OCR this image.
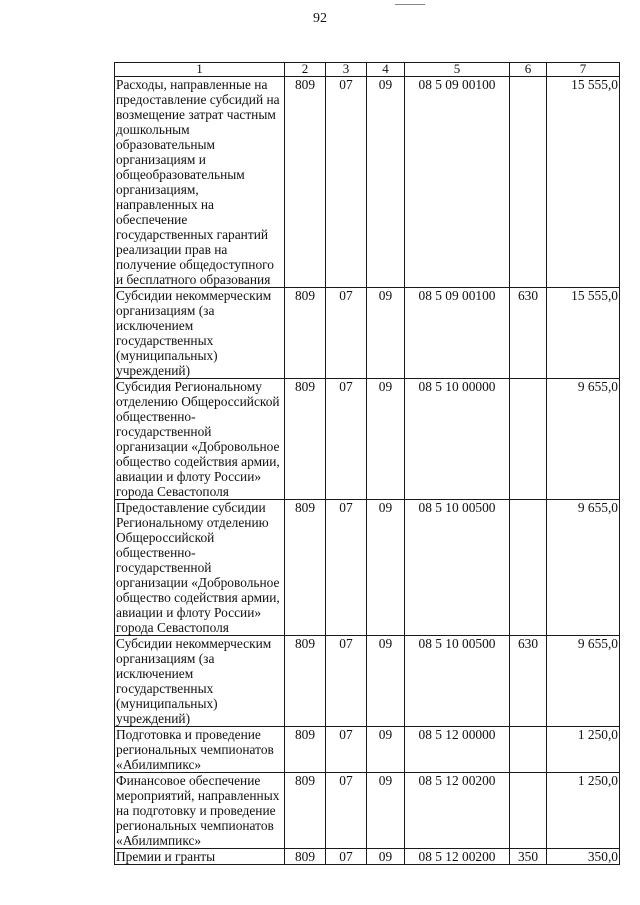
92
1	2	3	4	5	6	7
Расходы, направленные на предоставление субсидий на возмещение затрат частным дошкольным образовательным организациям и общеобразовательным организациям, направленных на обеспечение государственных гарантий реализации прав на получение общедоступного и бесплатного образования	809	07	09	08 5 09 00100		15 555,0
Субсидии некоммерческим организациям (за исключением государственных (муниципальных) учреждений)	809	07	09	08 5 09 00100	630	15 555,0
Субсидия Региональному отделению Общероссийской общественно-государственной организации «Добровольное общество содействия армии, авиации и флоту России» города Севастополя	809	07	09	08 5 10 00000		9 655,0
Предоставление субсидии Региональному отделению Общероссийской общественно-государственной организации «Добровольное общество содействия армии, авиации и флоту России» города Севастополя	809	07	09	08 5 10 00500		9 655,0
Субсидии некоммерческим организациям (за исключением государственных (муниципальных) учреждений)	809	07	09	08 5 10 00500	630	9 655,0
Подготовка и проведение региональных чемпионатов «Абилимпикс»	809	07	09	08 5 12 00000		1 250,0
Финансовое обеспечение мероприятий, направленных на подготовку и проведение региональных чемпионатов «Абилимпикс»	809	07	09	08 5 12 00200		1 250,0
Премии и гранты	809	07	09	08 5 12 00200	350	350,0
